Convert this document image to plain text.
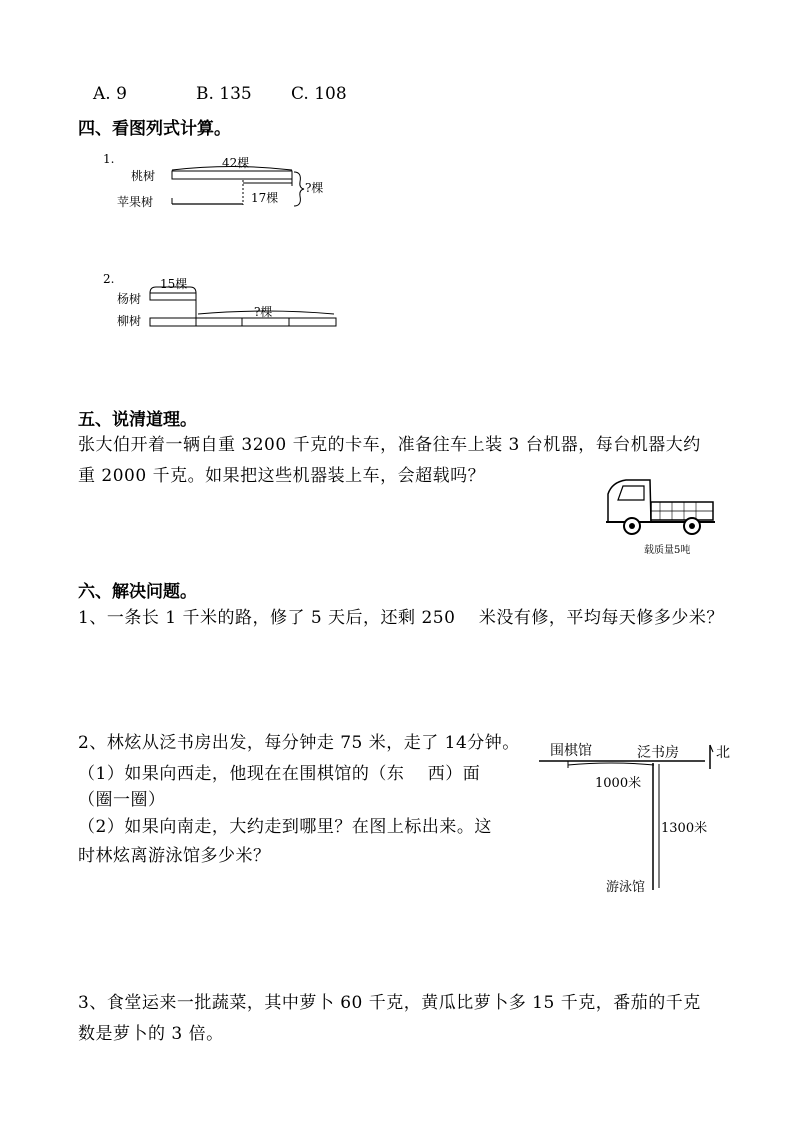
A. 9	B. 135 C. 108
四、看图列式计算。
1.
桃树
苹果树
42棵
17棵
?棵
2.
杨树
柳树
15棵
?棵
五、说清道理。
张大伯开着一辆自重 3200 千克的卡车，准备往车上装 3 台机器，每台机器大约
重 2000 千克。如果把这些机器装上车，会超载吗？
载质量5吨
六、解决问题。
1、一条长 1 千米的路，修了 5 天后，还剩 250　 米没有修，平均每天修多少米？
2、林炫从泛书房出发，每分钟走 75 米，走了 14分钟。
（1）如果向西走，他现在在围棋馆的（东　 西）面
（圈一圈）
（2）如果向南走，大约走到哪里？在图上标出来。这
时林炫离游泳馆多少米？
围棋馆	泛书房	北
1000米
1300米
游泳馆
3、食堂运来一批蔬菜，其中萝卜 60 千克，黄瓜比萝卜多 15 千克，番茄的千克
数是萝卜的 3 倍。
